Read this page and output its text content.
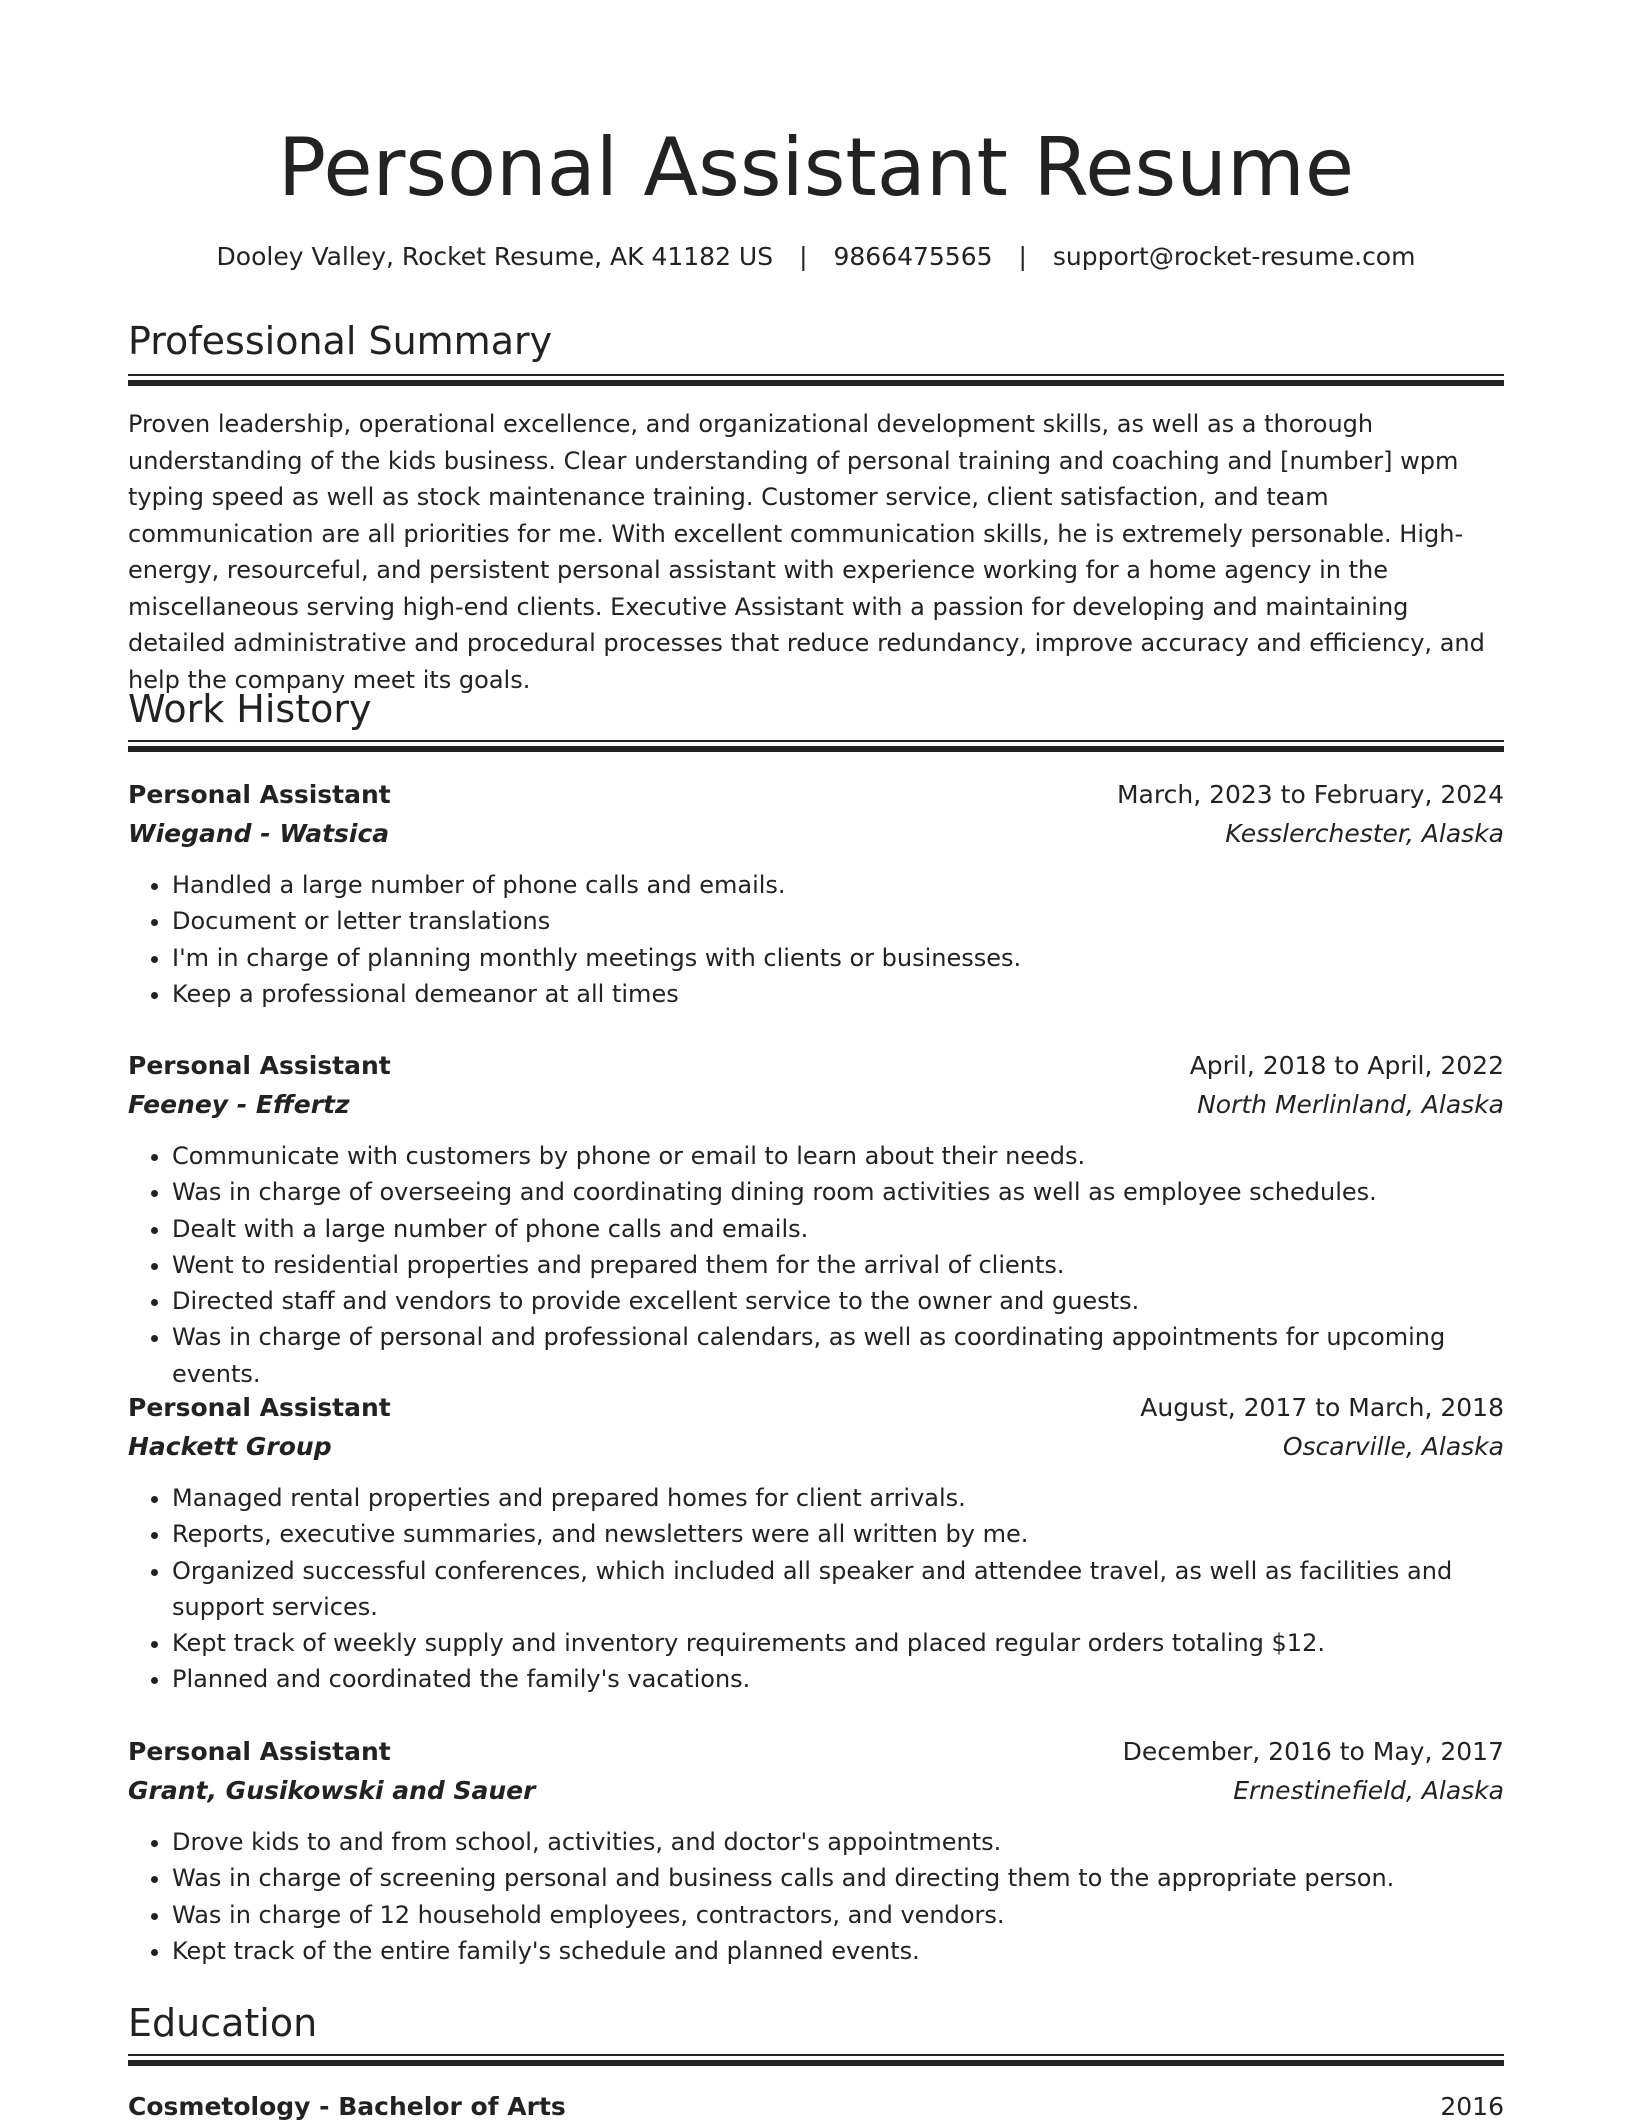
Personal Assistant Resume
Dooley Valley, Rocket Resume, AK 41182 US | 9866475565 | support@rocket-resume.com
Professional Summary

Proven leadership, operational excellence, and organizational development skills, as well as a thorough understanding of the kids business. Clear understanding of personal training and coaching and [number] wpm typing speed as well as stock maintenance training. Customer service, client satisfaction, and team communication are all priorities for me. With excellent communication skills, he is extremely personable. High-energy, resourceful, and persistent personal assistant with experience working for a home agency in the miscellaneous serving high-end clients. Executive Assistant with a passion for developing and maintaining detailed administrative and procedural processes that reduce redundancy, improve accuracy and efficiency, and help the company meet its goals.

Work History
Personal Assistant	March, 2023 to February, 2024
Wiegand - Watsica	Kesslerchester, Alaska
• Handled a large number of phone calls and emails.
• Document or letter translations
• I'm in charge of planning monthly meetings with clients or businesses.
• Keep a professional demeanor at all times
Personal Assistant	April, 2018 to April, 2022
Feeney - Effertz	North Merlinland, Alaska
• Communicate with customers by phone or email to learn about their needs.
• Was in charge of overseeing and coordinating dining room activities as well as employee schedules.
• Dealt with a large number of phone calls and emails.
• Went to residential properties and prepared them for the arrival of clients.
• Directed staff and vendors to provide excellent service to the owner and guests.
• Was in charge of personal and professional calendars, as well as coordinating appointments for upcoming events.
Personal Assistant	August, 2017 to March, 2018
Hackett Group	Oscarville, Alaska
• Managed rental properties and prepared homes for client arrivals.
• Reports, executive summaries, and newsletters were all written by me.
• Organized successful conferences, which included all speaker and attendee travel, as well as facilities and support services.
• Kept track of weekly supply and inventory requirements and placed regular orders totaling $12.
• Planned and coordinated the family's vacations.
Personal Assistant	December, 2016 to May, 2017
Grant, Gusikowski and Sauer	Ernestinefield, Alaska
• Drove kids to and from school, activities, and doctor's appointments.
• Was in charge of screening personal and business calls and directing them to the appropriate person.
• Was in charge of 12 household employees, contractors, and vendors.
• Kept track of the entire family's schedule and planned events.
Education
Cosmetology - Bachelor of Arts	2016
